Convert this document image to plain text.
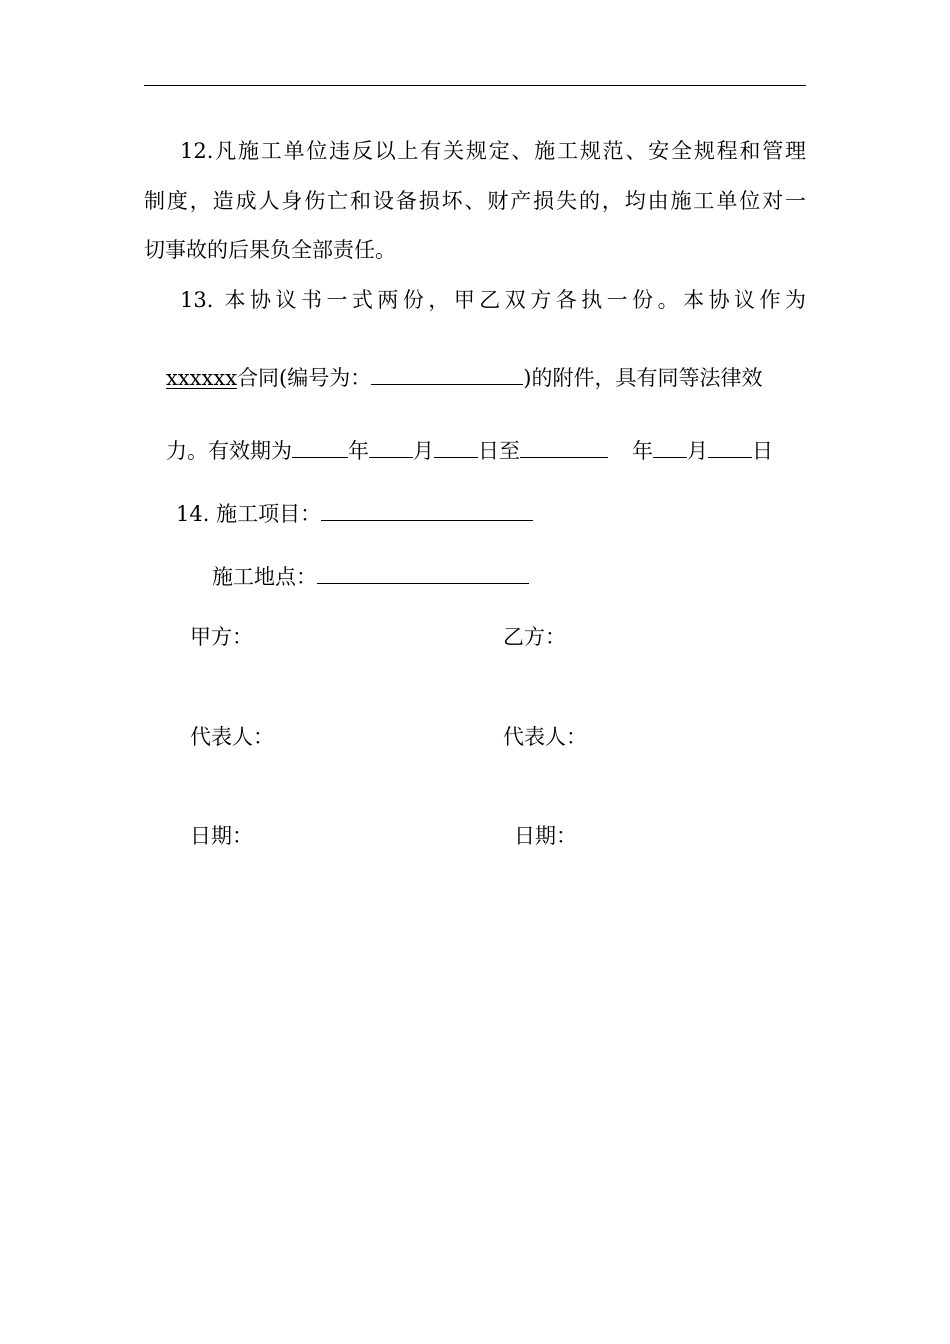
12.凡施工单位违反以上有关规定、施工规范、安全规程和管理
制度，造成人身伤亡和设备损坏、财产损失的，均由施工单位对一
切事故的后果负全部责任。
13. 本协议书一式两份，甲乙双方各执一份。本协议作为
xxxxxx合同(编号为：	)的附件，具有同等法律效
力。有效期为	年 月 日至	年 月 日
14. 施工项目：
施工地点：
甲方：	乙方：
代表人：	代表人：
日期：	日期：
